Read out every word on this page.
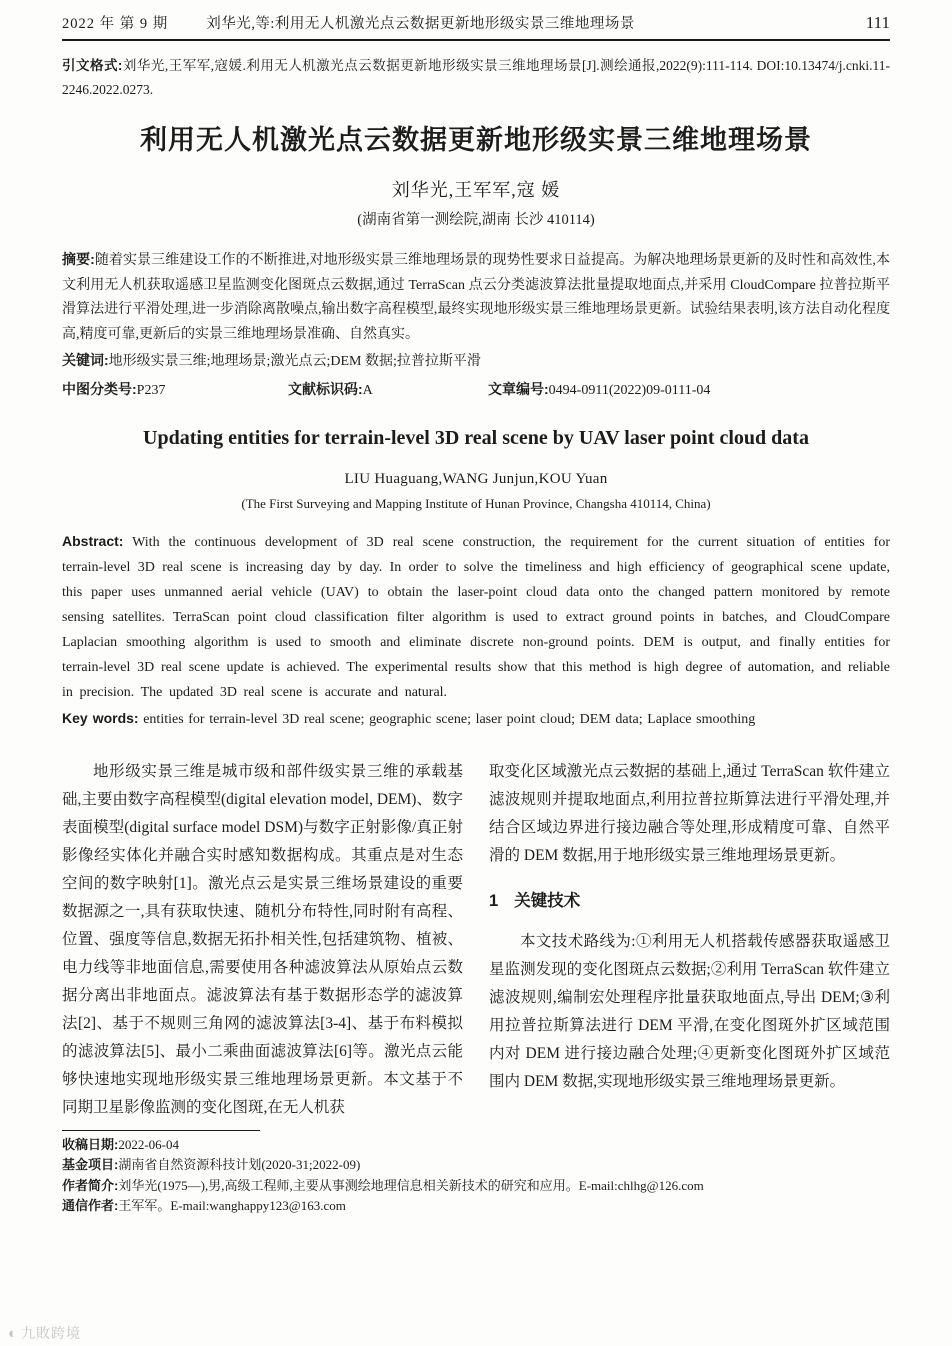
2022 年 第 9 期	刘华光,等:利用无人机激光点云数据更新地形级实景三维地理场景	111

引文格式:刘华光,王军军,寇媛.利用无人机激光点云数据更新地形级实景三维地理场景[J].测绘通报,2022(9):111-114. DOI:10.13474/j.cnki.11-2246.2022.0273.

利用无人机激光点云数据更新地形级实景三维地理场景

刘华光,王军军,寇 媛

(湖南省第一测绘院,湖南 长沙 410114)

摘要:随着实景三维建设工作的不断推进,对地形级实景三维地理场景的现势性要求日益提高。为解决地理场景更新的及时性和高效性,本文利用无人机获取遥感卫星监测变化图斑点云数据,通过 TerraScan 点云分类滤波算法批量提取地面点,并采用 CloudCompare 拉普拉斯平滑算法进行平滑处理,进一步消除离散噪点,输出数字高程模型,最终实现地形级实景三维地理场景更新。试验结果表明,该方法自动化程度高,精度可靠,更新后的实景三维地理场景准确、自然真实。

关键词:地形级实景三维;地理场景;激光点云;DEM 数据;拉普拉斯平滑

中图分类号:P237	文献标识码:A	文章编号:0494-0911(2022)09-0111-04
Updating entities for terrain-level 3D real scene by UAV laser point cloud data

LIU Huaguang,WANG Junjun,KOU Yuan

(The First Surveying and Mapping Institute of Hunan Province, Changsha 410114, China)

Abstract: With the continuous development of 3D real scene construction, the requirement for the current situation of entities for terrain-level 3D real scene is increasing day by day. In order to solve the timeliness and high efficiency of geographical scene update, this paper uses unmanned aerial vehicle (UAV) to obtain the laser-point cloud data onto the changed pattern monitored by remote sensing satellites. TerraScan point cloud classification filter algorithm is used to extract ground points in batches, and CloudCompare Laplacian smoothing algorithm is used to smooth and eliminate discrete non-ground points. DEM is output, and finally entities for terrain-level 3D real scene update is achieved. The experimental results show that this method is high degree of automation, and reliable in precision. The updated 3D real scene is accurate and natural.

Key words: entities for terrain-level 3D real scene; geographic scene; laser point cloud; DEM data; Laplace smoothing

地形级实景三维是城市级和部件级实景三维的承载基础,主要由数字高程模型(digital elevation model, DEM)、数字表面模型(digital surface model DSM)与数字正射影像/真正射影像经实体化并融合实时感知数据构成。其重点是对生态空间的数字映射[1]。激光点云是实景三维场景建设的重要数据源之一,具有获取快速、随机分布特性,同时附有高程、位置、强度等信息,数据无拓扑相关性,包括建筑物、植被、电力线等非地面信息,需要使用各种滤波算法从原始点云数据分离出非地面点。滤波算法有基于数据形态学的滤波算法[2]、基于不规则三角网的滤波算法[3-4]、基于布料模拟的滤波算法[5]、最小二乘曲面滤波算法[6]等。激光点云能够快速地实现地形级实景三维地理场景更新。本文基于不同期卫星影像监测的变化图斑,在无人机获

取变化区域激光点云数据的基础上,通过 TerraScan 软件建立滤波规则并提取地面点,利用拉普拉斯算法进行平滑处理,并结合区域边界进行接边融合等处理,形成精度可靠、自然平滑的 DEM 数据,用于地形级实景三维地理场景更新。

1 关键技术

本文技术路线为:①利用无人机搭载传感器获取遥感卫星监测发现的变化图斑点云数据;②利用 TerraScan 软件建立滤波规则,编制宏处理程序批量获取地面点,导出 DEM;③利用拉普拉斯算法进行 DEM 平滑,在变化图斑外扩区域范围内对 DEM 进行接边融合处理;④更新变化图斑外扩区域范围内 DEM 数据,实现地形级实景三维地理场景更新。

收稿日期:2022-06-04

基金项目:湖南省自然资源科技计划(2020-31;2022-09)

作者简介:刘华光(1975—),男,高级工程师,主要从事测绘地理信息相关新技术的研究和应用。E-mail:chlhg@126.com

通信作者:王军军。E-mail:wanghappy123@163.com

◐ 九敗跨境
